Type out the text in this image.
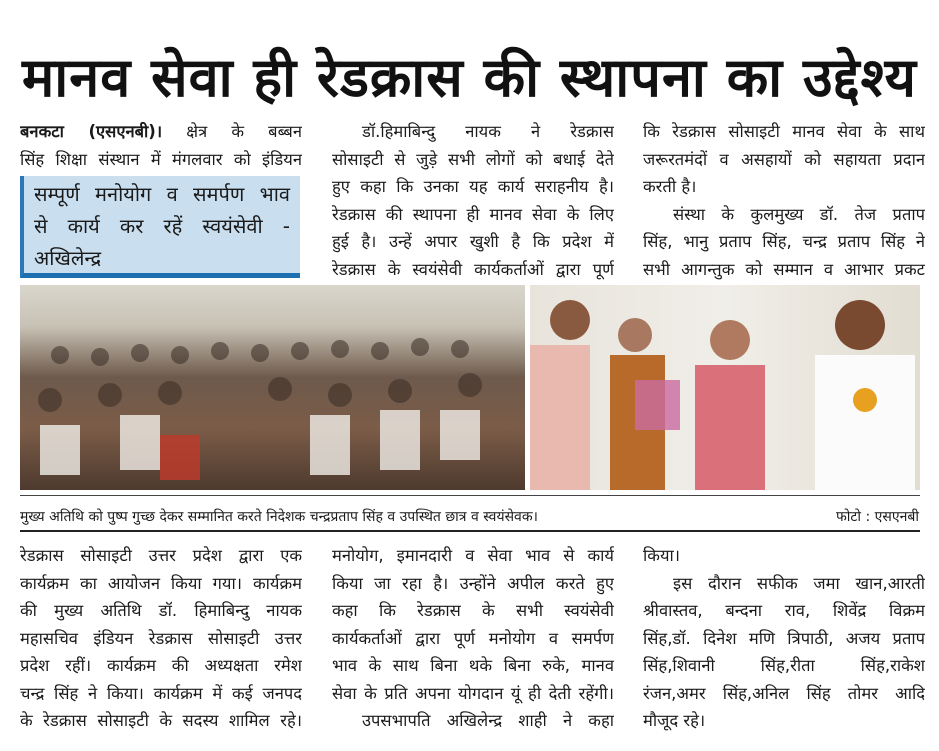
मानव सेवा ही रेडक्रास की स्थापना का उद्देश्य
बनकटा (एसएनबी)। क्षेत्र के बब्बन
सिंह शिक्षा संस्थान में मंगलवार को इंडियन
सम्पूर्ण मनोयोग व समर्पण भाव
से कार्य कर रहें स्वयंसेवी -
अखिलेन्द्र
डॉ.हिमाबिन्दु नायक ने रेडक्रास
सोसाइटी से जुड़े सभी लोगों को बधाई देते
हुए कहा कि उनका यह कार्य सराहनीय है।
रेडक्रास की स्थापना ही मानव सेवा के लिए
हुई है। उन्हें अपार खुशी है कि प्रदेश में
रेडक्रास के स्वयंसेवी कार्यकर्ताओं द्वारा पूर्ण
कि रेडक्रास सोसाइटी मानव सेवा के साथ
जरूरतमंदों व असहायों को सहायता प्रदान
करती है।
संस्था के कुलमुख्य डॉ. तेज प्रताप
सिंह, भानु प्रताप सिंह, चन्द्र प्रताप सिंह ने
सभी आगन्तुक को सम्मान व आभार प्रकट
मुख्य अतिथि को पुष्प गुच्छ देकर सम्मानित करते निदेशक चन्द्रप्रताप सिंह व उपस्थित छात्र व स्वयंसेवक।	फोटो : एसएनबी
रेडक्रास सोसाइटी उत्तर प्रदेश द्वारा एक
कार्यक्रम का आयोजन किया गया। कार्यक्रम
की मुख्य अतिथि डॉ. हिमाबिन्दु नायक
महासचिव इंडियन रेडक्रास सोसाइटी उत्तर
प्रदेश रहीं। कार्यक्रम की अध्यक्षता रमेश
चन्द्र सिंह ने किया। कार्यक्रम में कई जनपद
के रेडक्रास सोसाइटी के सदस्य शामिल रहे।
मनोयोग, इमानदारी व सेवा भाव से कार्य
किया जा रहा है। उन्होंने अपील करते हुए
कहा कि रेडक्रास के सभी स्वयंसेवी
कार्यकर्ताओं द्वारा पूर्ण मनोयोग व समर्पण
भाव के साथ बिना थके बिना रुके, मानव
सेवा के प्रति अपना योगदान यूं ही देती रहेंगी।
उपसभापति अखिलेन्द्र शाही ने कहा
किया।
इस दौरान सफीक जमा खान,आरती
श्रीवास्तव, बन्दना राव, शिवेंद्र विक्रम
सिंह,डॉ. दिनेश मणि त्रिपाठी, अजय प्रताप
सिंह,शिवानी सिंह,रीता सिंह,राकेश
रंजन,अमर सिंह,अनिल सिंह तोमर आदि
मौजूद रहे।
